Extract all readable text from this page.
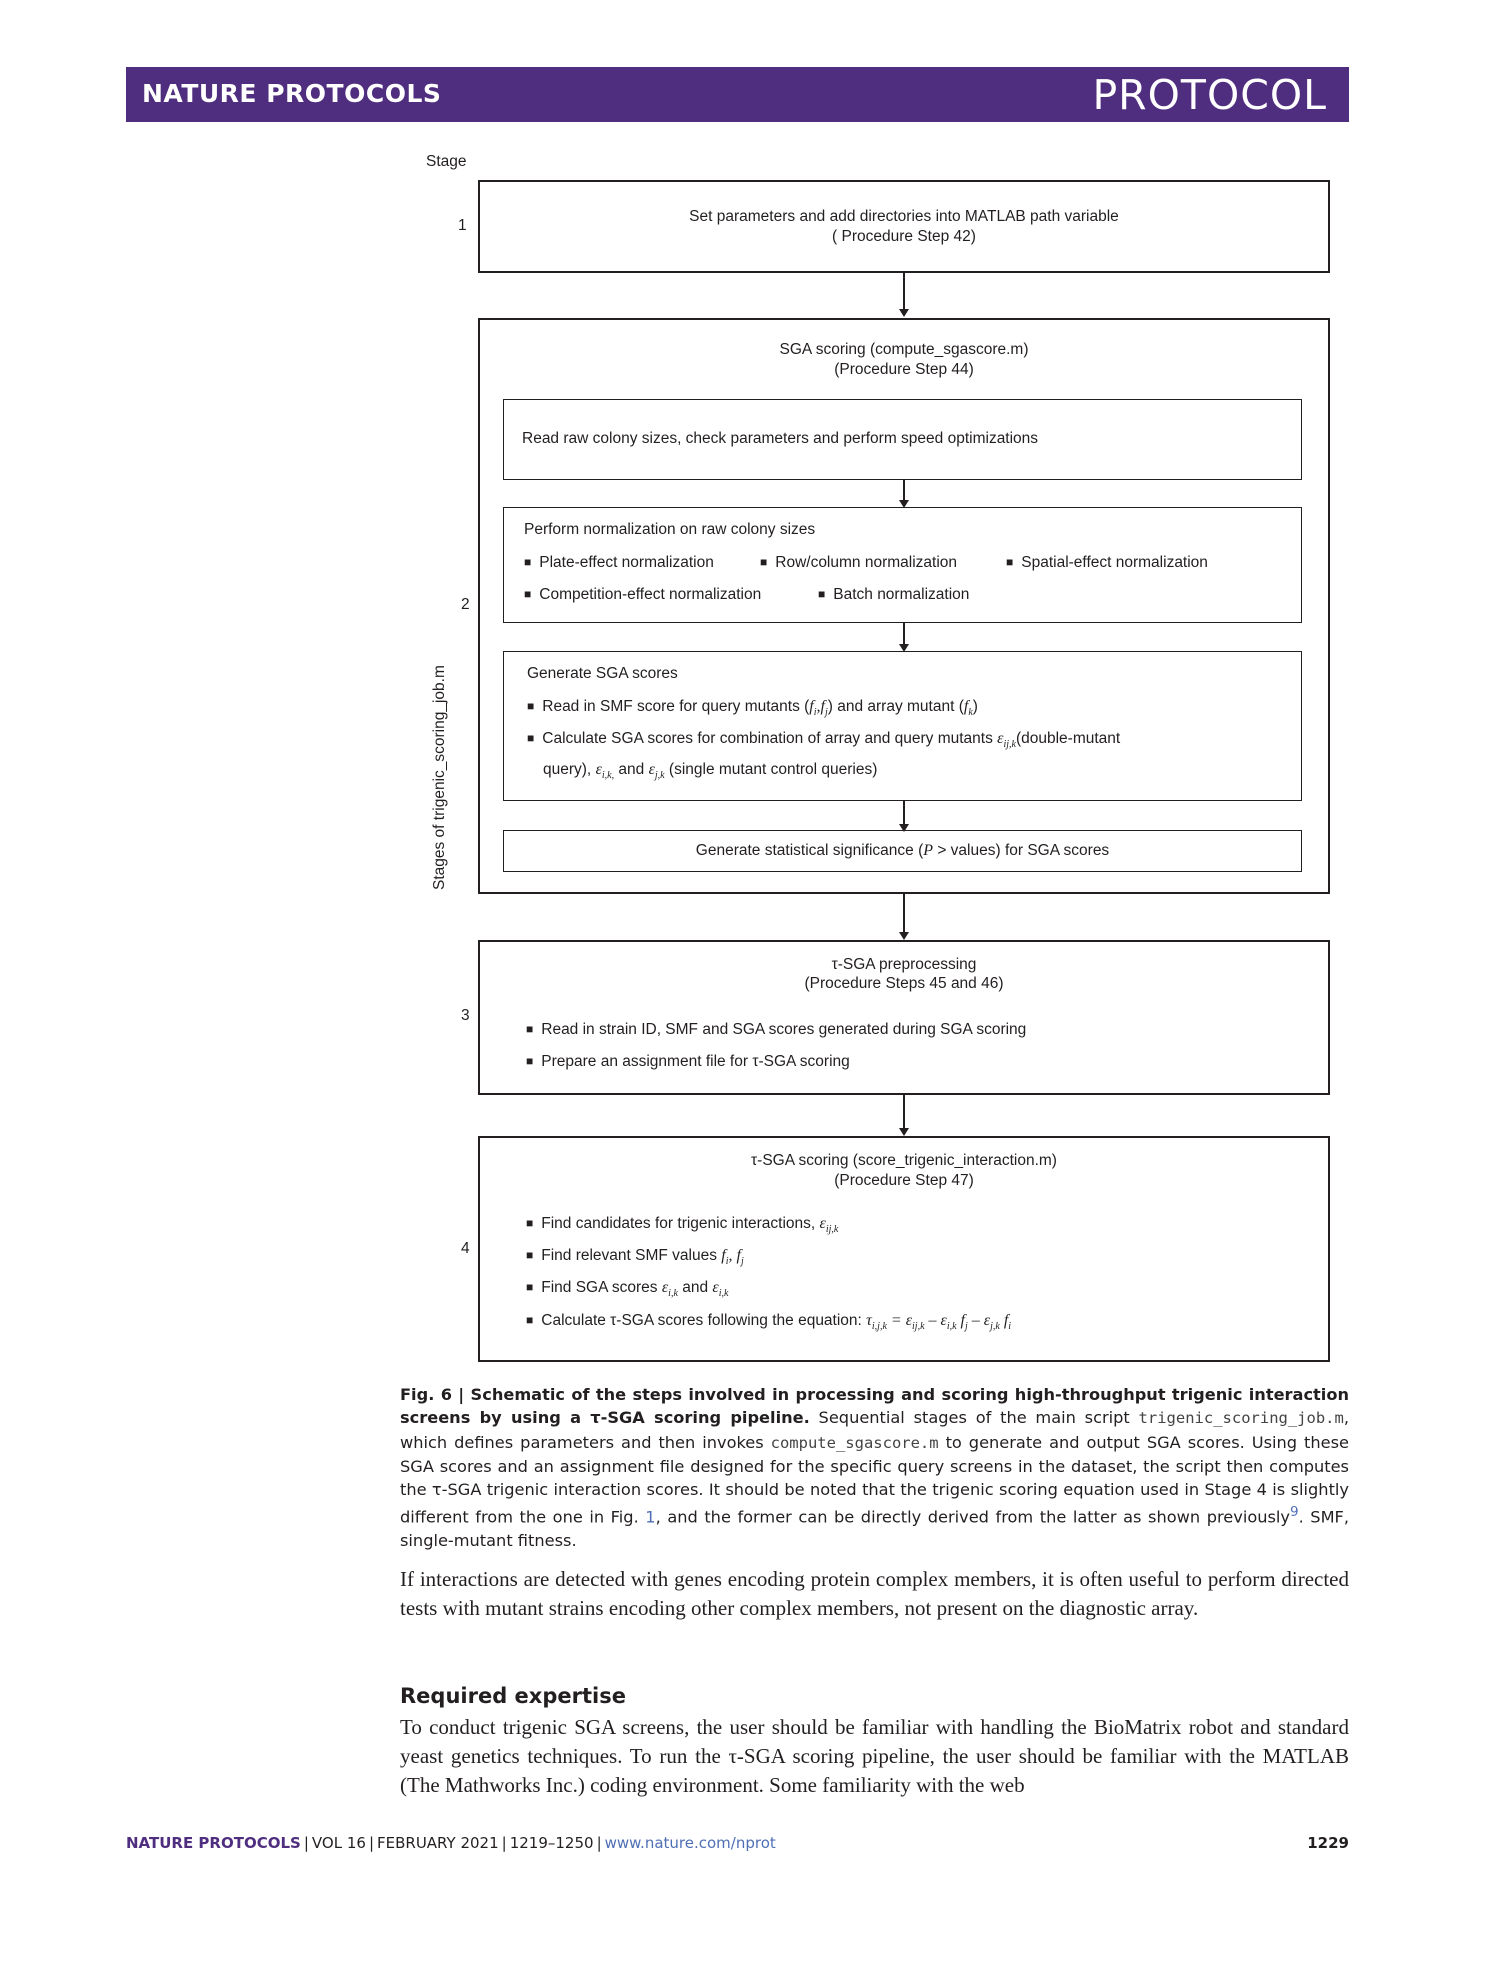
NATURE PROTOCOLS	PROTOCOL
Stage
Stages of trigenic_scoring_job.m
1
Set parameters and add directories into MATLAB path variable
( Procedure Step 42)
2
SGA scoring (compute_sgascore.m)
(Procedure Step 44)
Read raw colony sizes, check parameters and perform speed optimizations
Perform normalization on raw colony sizes
■ Plate-effect normalization	■ Row/column normalization	■ Spatial-effect normalization
■ Competition-effect normalization	■ Batch normalization
Generate SGA scores
■ Read in SMF score for query mutants $(f_i,f_j)$ and array mutant $(f_k)$
■ Calculate SGA scores for combination of array and query mutants $\varepsilon_{ij,k}(double$-mutant
query), $\varepsilon_{i,k,}$ and $\varepsilon_{j,k}$ (single mutant control queries)
Generate statistical significance (P > values) for SGA scores
3
τ-SGA preprocessing
(Procedure Steps 45 and 46)
■ Read in strain ID, SMF and SGA scores generated during SGA scoring
■ Prepare an assignment file for τ-SGA scoring
4
τ-SGA scoring (score_trigenic_interaction.m)
(Procedure Step 47)
■ Find candidates for trigenic interactions, $\varepsilon_{ij,k}$
■ Find relevant SMF values $f_i$, $f_j$
■ Find SGA scores $\varepsilon_{i,k}$ and $\varepsilon_{i,k}$
■ Calculate τ-SGA scores following the equation: $\tau_{i,j,k} = \varepsilon_{ij,k} - \varepsilon_{i,k}$ $f_j - \varepsilon_{j,k}$ $f_i$
Fig. 6 | Schematic of the steps involved in processing and scoring high-throughput trigenic interaction screens by using a τ-SGA scoring pipeline. Sequential stages of the main script trigenic_scoring_job.m, which defines parameters and then invokes compute_sgascore.m to generate and output SGA scores. Using these SGA scores and an assignment file designed for the specific query screens in the dataset, the script then computes the τ-SGA trigenic interaction scores. It should be noted that the trigenic scoring equation used in Stage 4 is slightly different from the one in Fig. 1, and the former can be directly derived from the latter as shown previously$^9$. SMF, single-mutant fitness.
If interactions are detected with genes encoding protein complex members, it is often useful to perform directed tests with mutant strains encoding other complex members, not present on the diagnostic array.
Required expertise
To conduct trigenic SGA screens, the user should be familiar with handling the BioMatrix robot and standard yeast genetics techniques. To run the τ-SGA scoring pipeline, the user should be familiar with the MATLAB (The Mathworks Inc.) coding environment. Some familiarity with the web
NATURE PROTOCOLS | VOL 16 | FEBRUARY 2021 | 1219–1250 | www.nature.com/nprot	1229
